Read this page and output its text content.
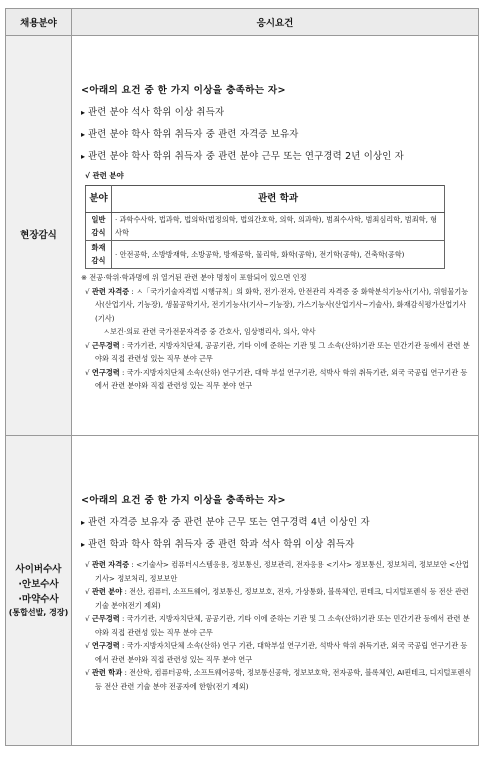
채용분야	응시요건
현장감식	

<아래의 요건 중 한 가지 이상을 충족하는 자>

▸ 관련 분야 석사 학위 이상 취득자

▸ 관련 분야 학사 학위 취득자 중 관련 자격증 보유자

▸ 관련 분야 학사 학위 취득자 중 관련 분야 근무 또는 연구경력 2년 이상인 자

√ 관련 분야

분야	관련 학과
일반 감식	· 과학수사학, 법과학, 법의학(법정의학, 법의간호학, 의학, 의과학), 범죄수사학, 범죄심리학, 범죄학, 형사학
화재 감식	· 안전공학, 소방방재학, 소방공학, 방재공학, 물리학, 화학(공학), 전기학(공학), 건축학(공학)

※ 전공·학위·학과명에 위 열거된 관련 분야 명칭이 포함되어 있으면 인정

√ 관련 자격증 : ㅅ「국가기술자격법 시행규칙」의 화학, 전기·전자, 안전관리 자격증 중 화학분석기능사(기사), 위험물기능사(산업기사, 기능장), 생물공학기사, 전기기능사(기사~기능장), 가스기능사(산업기사~기술사), 화재감식평가산업기사(기사)

ㅅ보건·의료 관련 국가전문자격증 중 간호사, 임상병리사, 의사, 약사

√ 근무경력 : 국가기관, 지방자치단체, 공공기관, 기타 이에 준하는 기관 및 그 소속(산하)기관 또는 민간기관 등에서 관련 분야와 직접 관련성 있는 직무 분야 근무

√ 연구경력 : 국가·지방자치단체 소속(산하) 연구기관, 대학 부설 연구기관, 석박사 학위 취득기관, 외국 국공립 연구기관 등에서 관련 분야와 직접 관련성 있는 직무 분야 연구

사이버수사
·안보수사
·마약수사
(통합선발, 경장)

<아래의 요건 중 한 가지 이상을 충족하는 자>

▸ 관련 자격증 보유자 중 관련 분야 근무 또는 연구경력 4년 이상인 자

▸ 관련 학과 학사 학위 취득자 중 관련 학과 석사 학위 이상 취득자

√ 관련 자격증 : <기술사> 컴퓨터시스템응용, 정보통신, 정보관리, 전자응용 <기사> 정보통신, 정보처리, 정보보안 <산업기사> 정보처리, 정보보안

√ 관련 분야 : 전산, 컴퓨터, 소프트웨어, 정보통신, 정보보호, 전자, 가상통화, 블록체인, 핀테크, 디지털포렌식 등 전산 관련 기술 분야(전기 제외)

√ 근무경력 : 국가기관, 지방자치단체, 공공기관, 기타 이에 준하는 기관 및 그 소속(산하)기관 또는 민간기관 등에서 관련 분야와 직접 관련성 있는 직무 분야 근무

√ 연구경력 : 국가·지방자치단체 소속(산하) 연구 기관, 대학부설 연구기관, 석박사 학위 취득기관, 외국 국공립 연구기관 등에서 관련 분야와 직접 관련성 있는 직무 분야 연구

√ 관련 학과 : 전산학, 컴퓨터공학, 소프트웨어공학, 정보통신공학, 정보보호학, 전자공학, 블록체인, AI핀테크, 디지털포렌식 등 전산 관련 기술 분야 전공자에 한함(전기 제외)
